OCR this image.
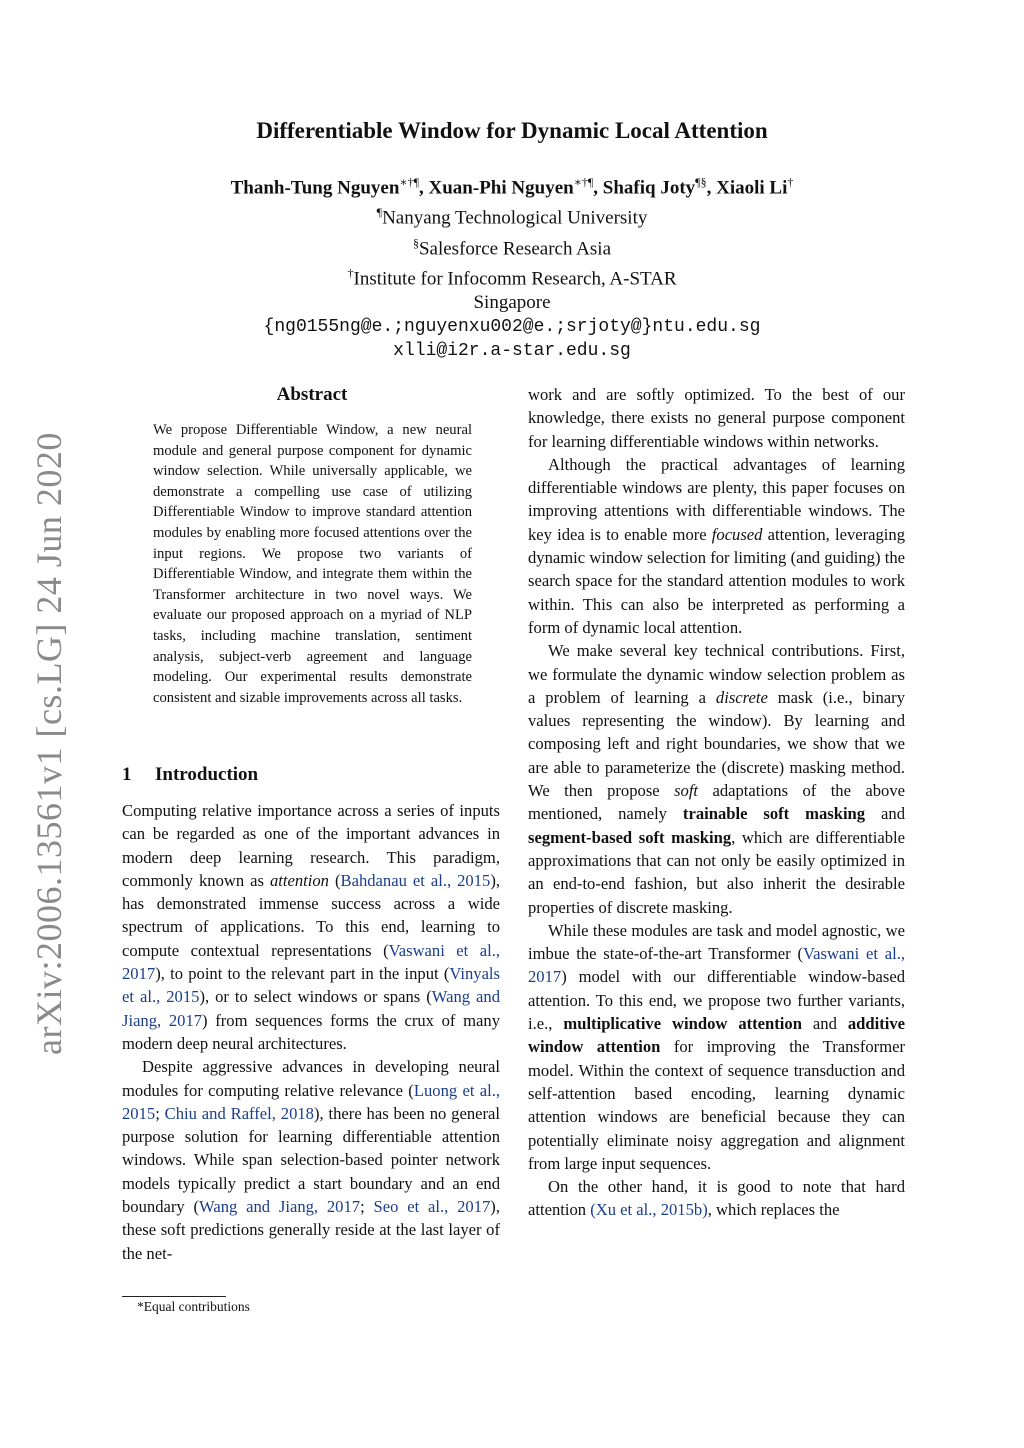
arXiv:2006.13561v1 [cs.LG] 24 Jun 2020
Differentiable Window for Dynamic Local Attention
Thanh-Tung Nguyen∗†¶, Xuan-Phi Nguyen∗†¶, Shafiq Joty¶§, Xiaoli Li†
¶Nanyang Technological University
§Salesforce Research Asia
†Institute for Infocomm Research, A-STAR
Singapore
{ng0155ng@e.;nguyenxu002@e.;srjoty@}ntu.edu.sg
xlli@i2r.a-star.edu.sg
Abstract
We propose Differentiable Window, a new neural module and general purpose component for dynamic window selection. While universally applicable, we demonstrate a compelling use case of utilizing Differentiable Window to improve standard attention modules by enabling more focused attentions over the input regions. We propose two variants of Differentiable Window, and integrate them within the Transformer architecture in two novel ways. We evaluate our proposed approach on a myriad of NLP tasks, including machine translation, sentiment analysis, subject-verb agreement and language modeling. Our experimental results demonstrate consistent and sizable improvements across all tasks.
1 Introduction

Computing relative importance across a series of inputs can be regarded as one of the important advances in modern deep learning research. This paradigm, commonly known as attention (Bahdanau et al., 2015), has demonstrated immense success across a wide spectrum of applications. To this end, learning to compute contextual representations (Vaswani et al., 2017), to point to the relevant part in the input (Vinyals et al., 2015), or to select windows or spans (Wang and Jiang, 2017) from sequences forms the crux of many modern deep neural architectures.

Despite aggressive advances in developing neural modules for computing relative relevance (Luong et al., 2015; Chiu and Raffel, 2018), there has been no general purpose solution for learning differentiable attention windows. While span selection-based pointer network models typically predict a start boundary and an end boundary (Wang and Jiang, 2017; Seo et al., 2017), these soft predictions generally reside at the last layer of the net-

*Equal contributions

work and are softly optimized. To the best of our knowledge, there exists no general purpose component for learning differentiable windows within networks.

Although the practical advantages of learning differentiable windows are plenty, this paper focuses on improving attentions with differentiable windows. The key idea is to enable more focused attention, leveraging dynamic window selection for limiting (and guiding) the search space for the standard attention modules to work within. This can also be interpreted as performing a form of dynamic local attention.

We make several key technical contributions. First, we formulate the dynamic window selection problem as a problem of learning a discrete mask (i.e., binary values representing the window). By learning and composing left and right boundaries, we show that we are able to parameterize the (discrete) masking method. We then propose soft adaptations of the above mentioned, namely trainable soft masking and segment-based soft masking, which are differentiable approximations that can not only be easily optimized in an end-to-end fashion, but also inherit the desirable properties of discrete masking.

While these modules are task and model agnostic, we imbue the state-of-the-art Transformer (Vaswani et al., 2017) model with our differentiable window-based attention. To this end, we propose two further variants, i.e., multiplicative window attention and additive window attention for improving the Transformer model. Within the context of sequence transduction and self-attention based encoding, learning dynamic attention windows are beneficial because they can potentially eliminate noisy aggregation and alignment from large input sequences.

On the other hand, it is good to note that hard attention (Xu et al., 2015b), which replaces the
